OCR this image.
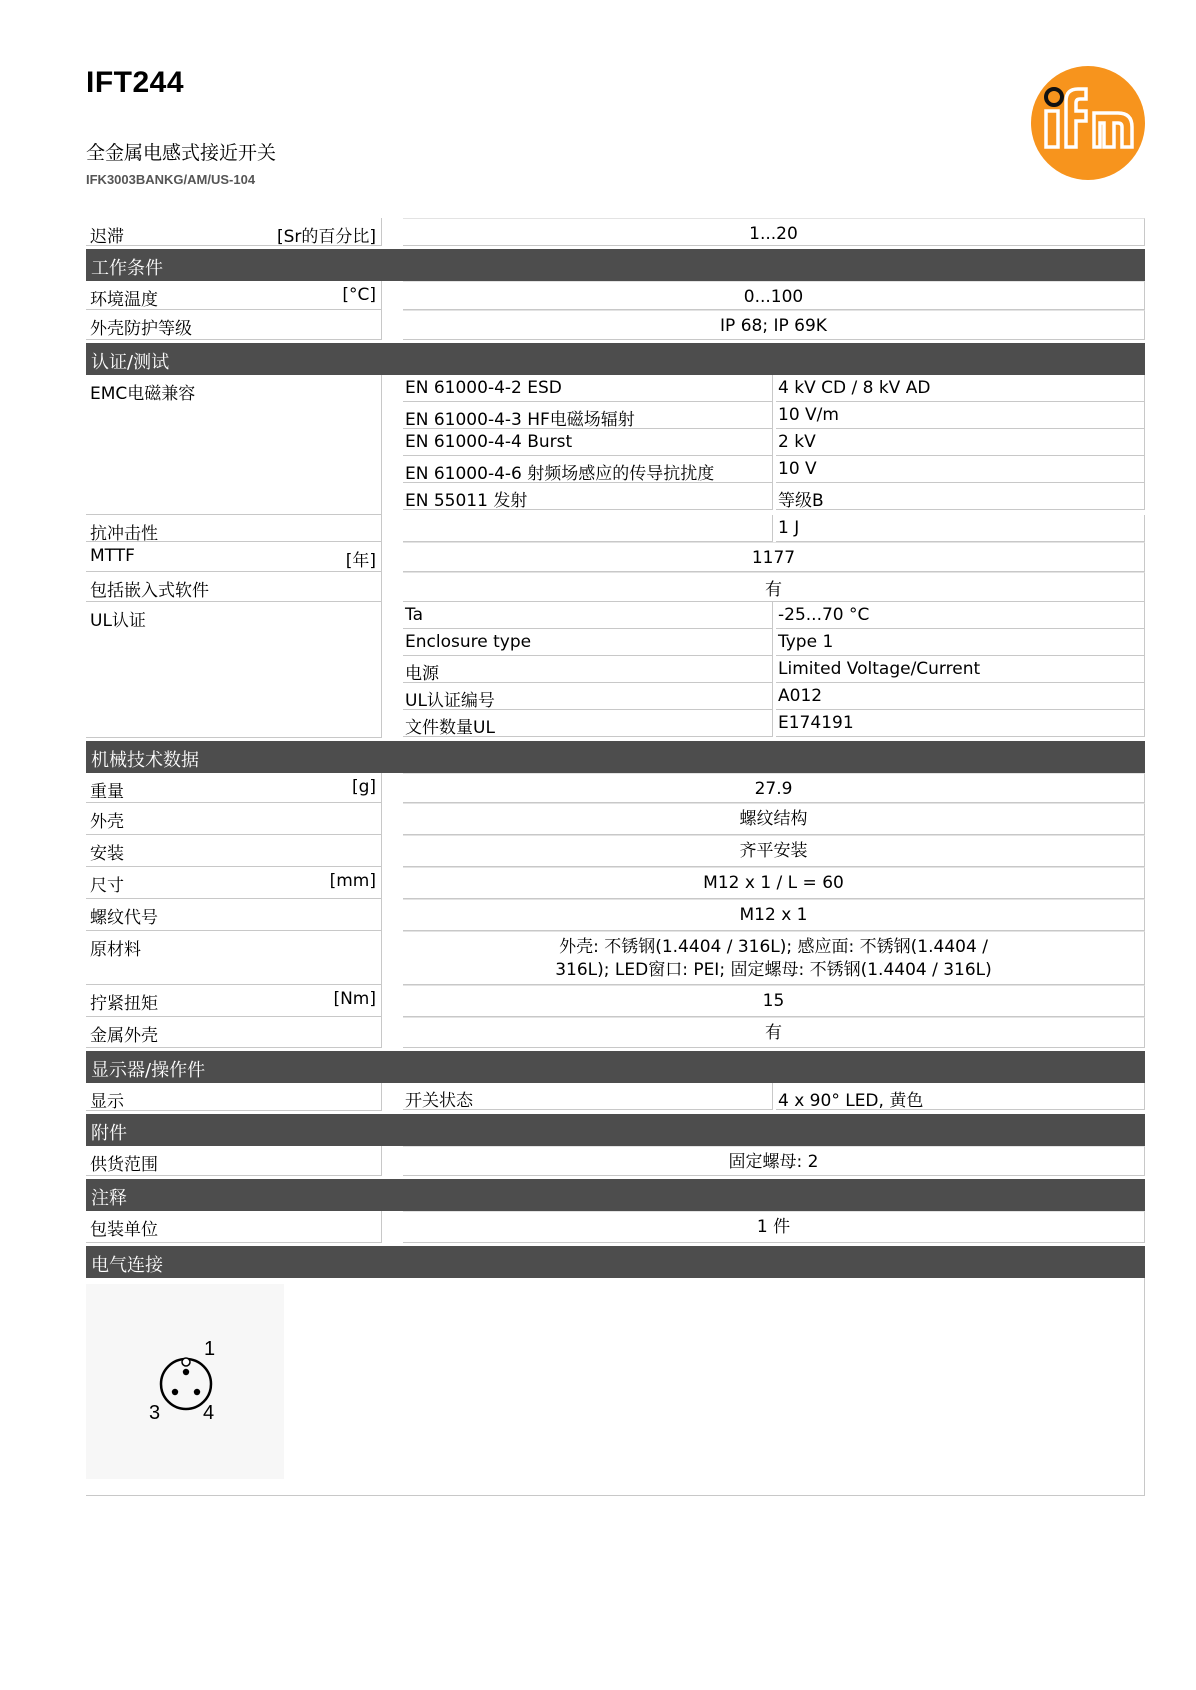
IFT244
全金属电感式接近开关
IFK3003BANKG/AM/US-104
迟滞	[Sr的百分比]	1...20
工作条件
环境温度	[°C]	0...100
外壳防护等级	IP 68; IP 69K
认证/测试
EMC电磁兼容	EN 61000-4-2 ESD	4 kV CD / 8 kV AD
EN 61000-4-3 HF电磁场辐射	10 V/m
EN 61000-4-4 Burst	2 kV
EN 61000-4-6 射频场感应的传导抗扰度	10 V
EN 55011 发射	等级B
抗冲击性	1 J
MTTF	[年]	1177
包括嵌入式软件	有
UL认证	Ta	-25...70 °C
Enclosure type	Type 1
电源	Limited Voltage/Current
UL认证编号	A012
文件数量UL	E174191
机械技术数据
重量	[g]	27.9
外壳	螺纹结构
安装	齐平安装
尺寸	[mm]	M12 x 1 / L = 60
螺纹代号	M12 x 1
原材料	外壳: 不锈钢(1.4404 / 316L); 感应面: 不锈钢(1.4404 /
316L); LED窗口: PEI; 固定螺母: 不锈钢(1.4404 / 316L)
拧紧扭矩	[Nm]	15
金属外壳	有
显示器/操作件
显示	开关状态	4 x 90° LED, 黄色
附件
供货范围	固定螺母: 2
注释
包装单位	1 件
电气连接
1
3 4
